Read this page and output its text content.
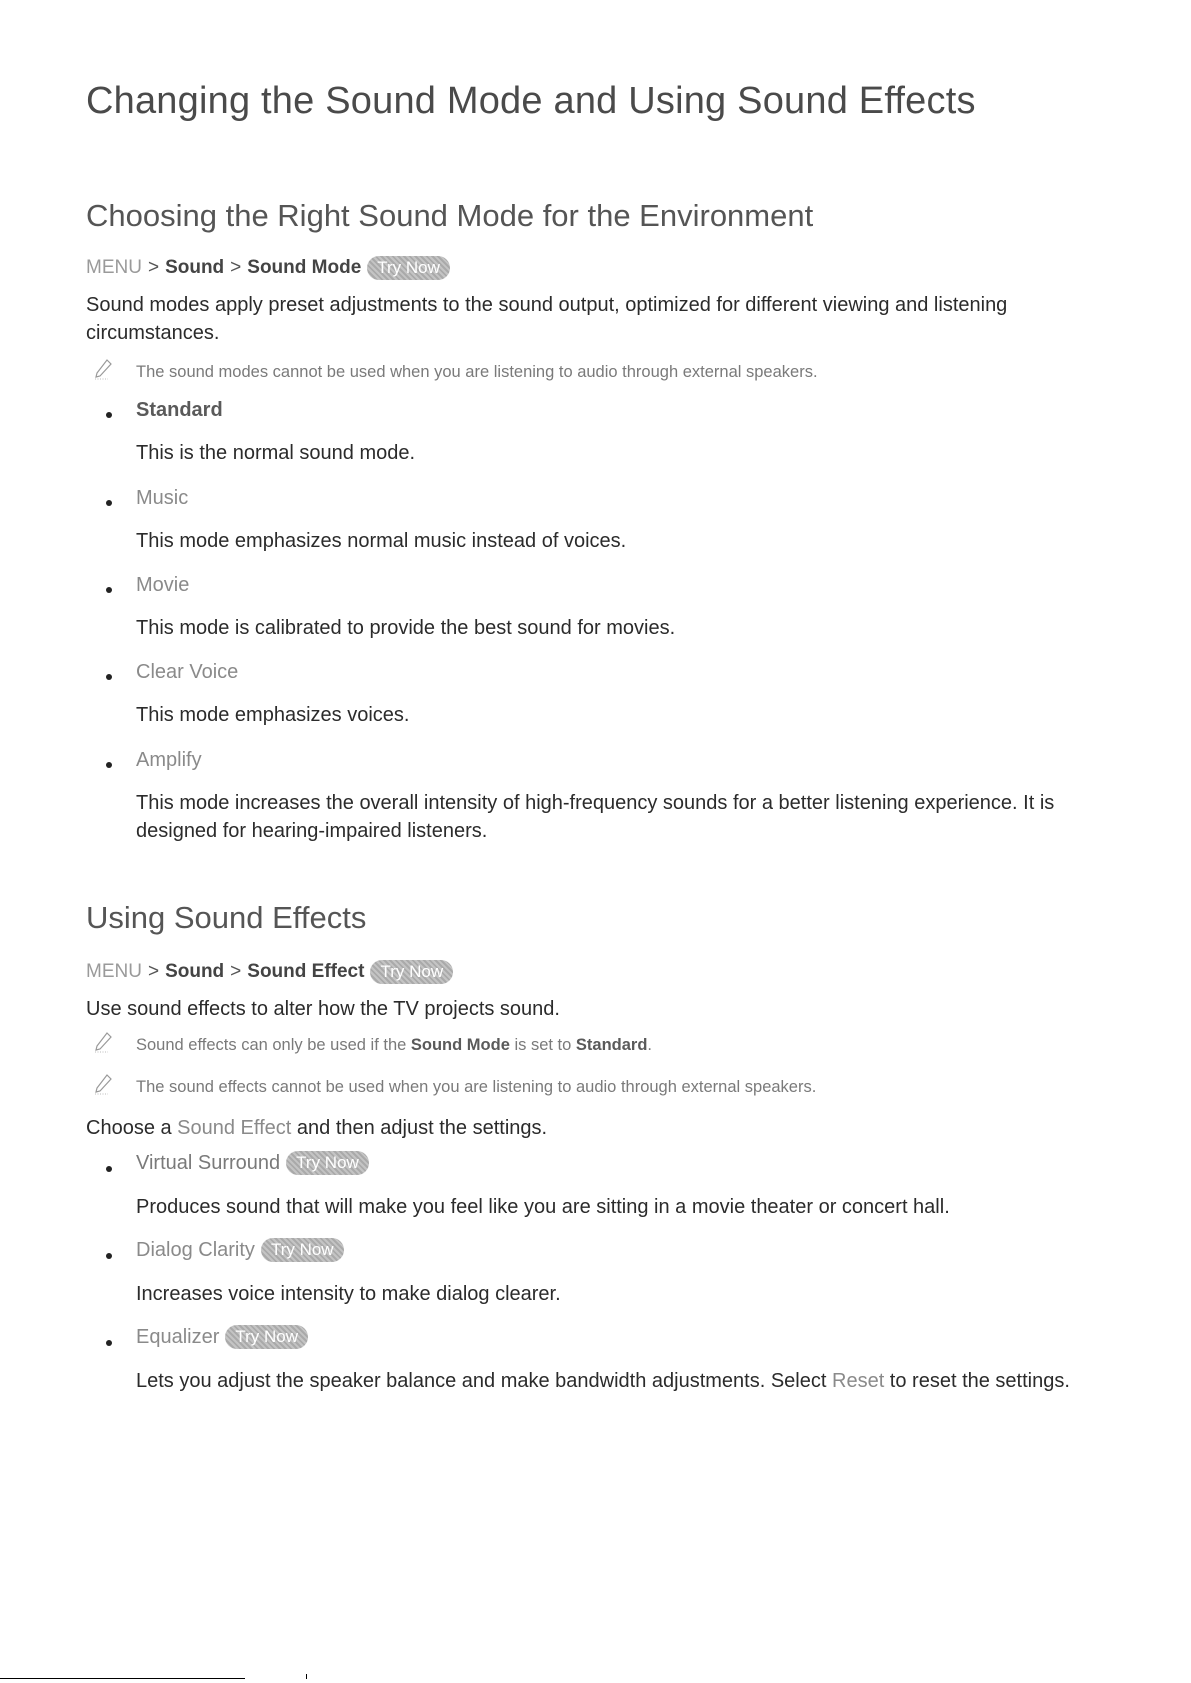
Changing the Sound Mode and Using Sound Effects
Choosing the Right Sound Mode for the Environment
MENU > Sound > Sound Mode Try Now
Sound modes apply preset adjustments to the sound output, optimized for different viewing and listening circumstances.
The sound modes cannot be used when you are listening to audio through external speakers.
Standard
This is the normal sound mode.
Music
This mode emphasizes normal music instead of voices.
Movie
This mode is calibrated to provide the best sound for movies.
Clear Voice
This mode emphasizes voices.
Amplify
This mode increases the overall intensity of high-frequency sounds for a better listening experience. It is designed for hearing-impaired listeners.
Using Sound Effects
MENU > Sound > Sound Effect Try Now
Use sound effects to alter how the TV projects sound.
Sound effects can only be used if the Sound Mode is set to Standard.
The sound effects cannot be used when you are listening to audio through external speakers.
Choose a Sound Effect and then adjust the settings.
Virtual Surround Try Now
Produces sound that will make you feel like you are sitting in a movie theater or concert hall.
Dialog Clarity Try Now
Increases voice intensity to make dialog clearer.
Equalizer Try Now
Lets you adjust the speaker balance and make bandwidth adjustments. Select Reset to reset the settings.
